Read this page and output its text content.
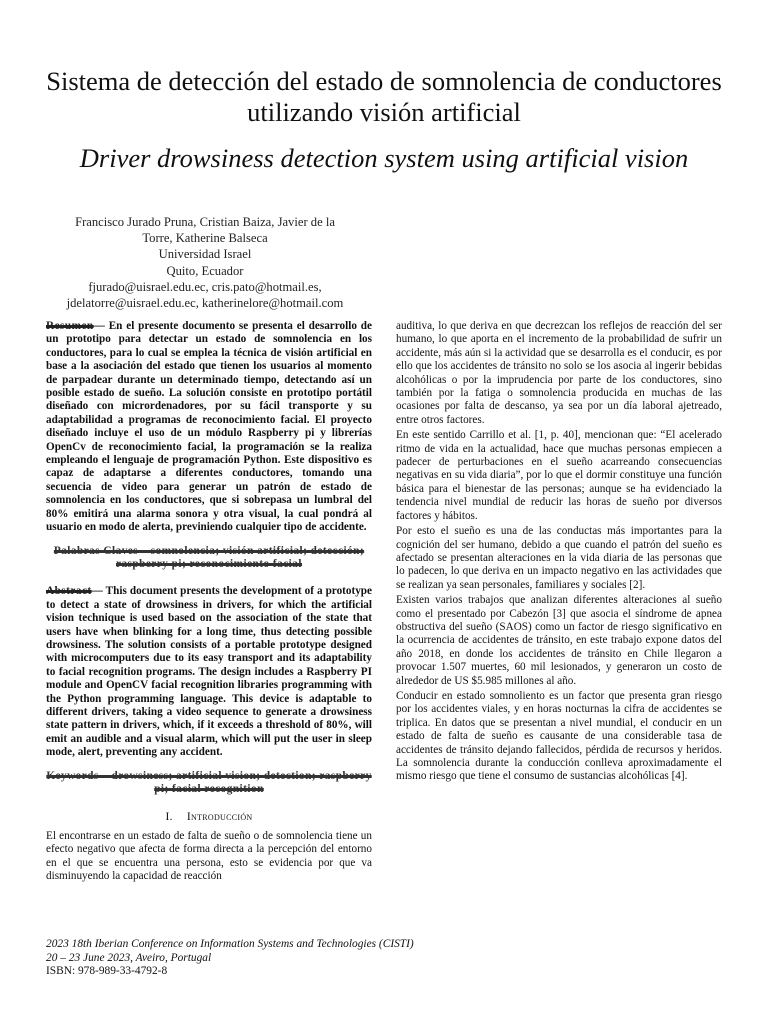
Sistema de detección del estado de somnolencia de conductores utilizando visión artificial
Driver drowsiness detection system using artificial vision
Francisco Jurado Pruna, Cristian Baiza, Javier de la
Torre, Katherine Balseca
Universidad Israel
Quito, Ecuador
fjurado@uisrael.edu.ec, cris.pato@hotmail.es,
jdelatorre@uisrael.edu.ec, katherinelore@hotmail.com

Resumen— En el presente documento se presenta el desarrollo de un prototipo para detectar un estado de somnolencia en los conductores, para lo cual se emplea la técnica de visión artificial en base a la asociación del estado que tienen los usuarios al momento de parpadear durante un determinado tiempo, detectando así un posible estado de sueño. La solución consiste en prototipo portátil diseñado con micrordenadores, por su fácil transporte y su adaptabilidad a programas de reconocimiento facial. El proyecto diseñado incluye el uso de un módulo Raspberry pi y librerías OpenCv de reconocimiento facial, la programación se la realiza empleando el lenguaje de programación Python. Este dispositivo es capaz de adaptarse a diferentes conductores, tomando una secuencia de video para generar un patrón de estado de somnolencia en los conductores, que si sobrepasa un lumbral del 80% emitirá una alarma sonora y otra visual, la cual pondrá al usuario en modo de alerta, previniendo cualquier tipo de accidente.

Palabras Claves – somnolencia; visión artificial; detección; raspberry pi; reconocimiento facial

Abstract— This document presents the development of a prototype to detect a state of drowsiness in drivers, for which the artificial vision technique is used based on the association of the state that users have when blinking for a long time, thus detecting possible drowsiness. The solution consists of a portable prototype designed with microcomputers due to its easy transport and its adaptability to facial recognition programs. The design includes a Raspberry PI module and OpenCV facial recognition libraries programming with the Python programming language. This device is adaptable to different drivers, taking a video sequence to generate a drowsiness state pattern in drivers, which, if it exceeds a threshold of 80%, will emit an audible and a visual alarm, which will put the user in sleep mode, alert, preventing any accident.

Keywords – drowsiness; artificial vision; detection; raspberry pi; facial recognition
I. Introducción

El encontrarse en un estado de falta de sueño o de somnolencia tiene un efecto negativo que afecta de forma directa a la percepción del entorno en el que se encuentra una persona, esto se evidencia por que va disminuyendo la capacidad de reacción

auditiva, lo que deriva en que decrezcan los reflejos de reacción del ser humano, lo que aporta en el incremento de la probabilidad de sufrir un accidente, más aún si la actividad que se desarrolla es el conducir, es por ello que los accidentes de tránsito no solo se los asocia al ingerir bebidas alcohólicas o por la imprudencia por parte de los conductores, sino también por la fatiga o somnolencia producida en muchas de las ocasiones por falta de descanso, ya sea por un día laboral ajetreado, entre otros factores.

En este sentido Carrillo et al. [1, p. 40], mencionan que: “El acelerado ritmo de vida en la actualidad, hace que muchas personas empiecen a padecer de perturbaciones en el sueño acarreando consecuencias negativas en su vida diaria”, por lo que el dormir constituye una función básica para el bienestar de las personas; aunque se ha evidenciado la tendencia nivel mundial de reducir las horas de sueño por diversos factores y hábitos.

Por esto el sueño es una de las conductas más importantes para la cognición del ser humano, debido a que cuando el patrón del sueño es afectado se presentan alteraciones en la vida diaria de las personas que lo padecen, lo que deriva en un impacto negativo en las actividades que se realizan ya sean personales, familiares y sociales [2].

Existen varios trabajos que analizan diferentes alteraciones al sueño como el presentado por Cabezón [3] que asocia el síndrome de apnea obstructiva del sueño (SAOS) como un factor de riesgo significativo en la ocurrencia de accidentes de tránsito, en este trabajo expone datos del año 2018, en donde los accidentes de tránsito en Chile llegaron a provocar 1.507 muertes, 60 mil lesionados, y generaron un costo de alrededor de US $5.985 millones al año.

Conducir en estado somnoliento es un factor que presenta gran riesgo por los accidentes viales, y en horas nocturnas la cifra de accidentes se triplica. En datos que se presentan a nivel mundial, el conducir en un estado de falta de sueño es causante de una considerable tasa de accidentes de tránsito dejando fallecidos, pérdida de recursos y heridos. La somnolencia durante la conducción conlleva aproximadamente el mismo riesgo que tiene el consumo de sustancias alcohólicas [4].

2023 18th Iberian Conference on Information Systems and Technologies (CISTI)
20 – 23 June 2023, Aveiro, Portugal
ISBN: 978-989-33-4792-8
